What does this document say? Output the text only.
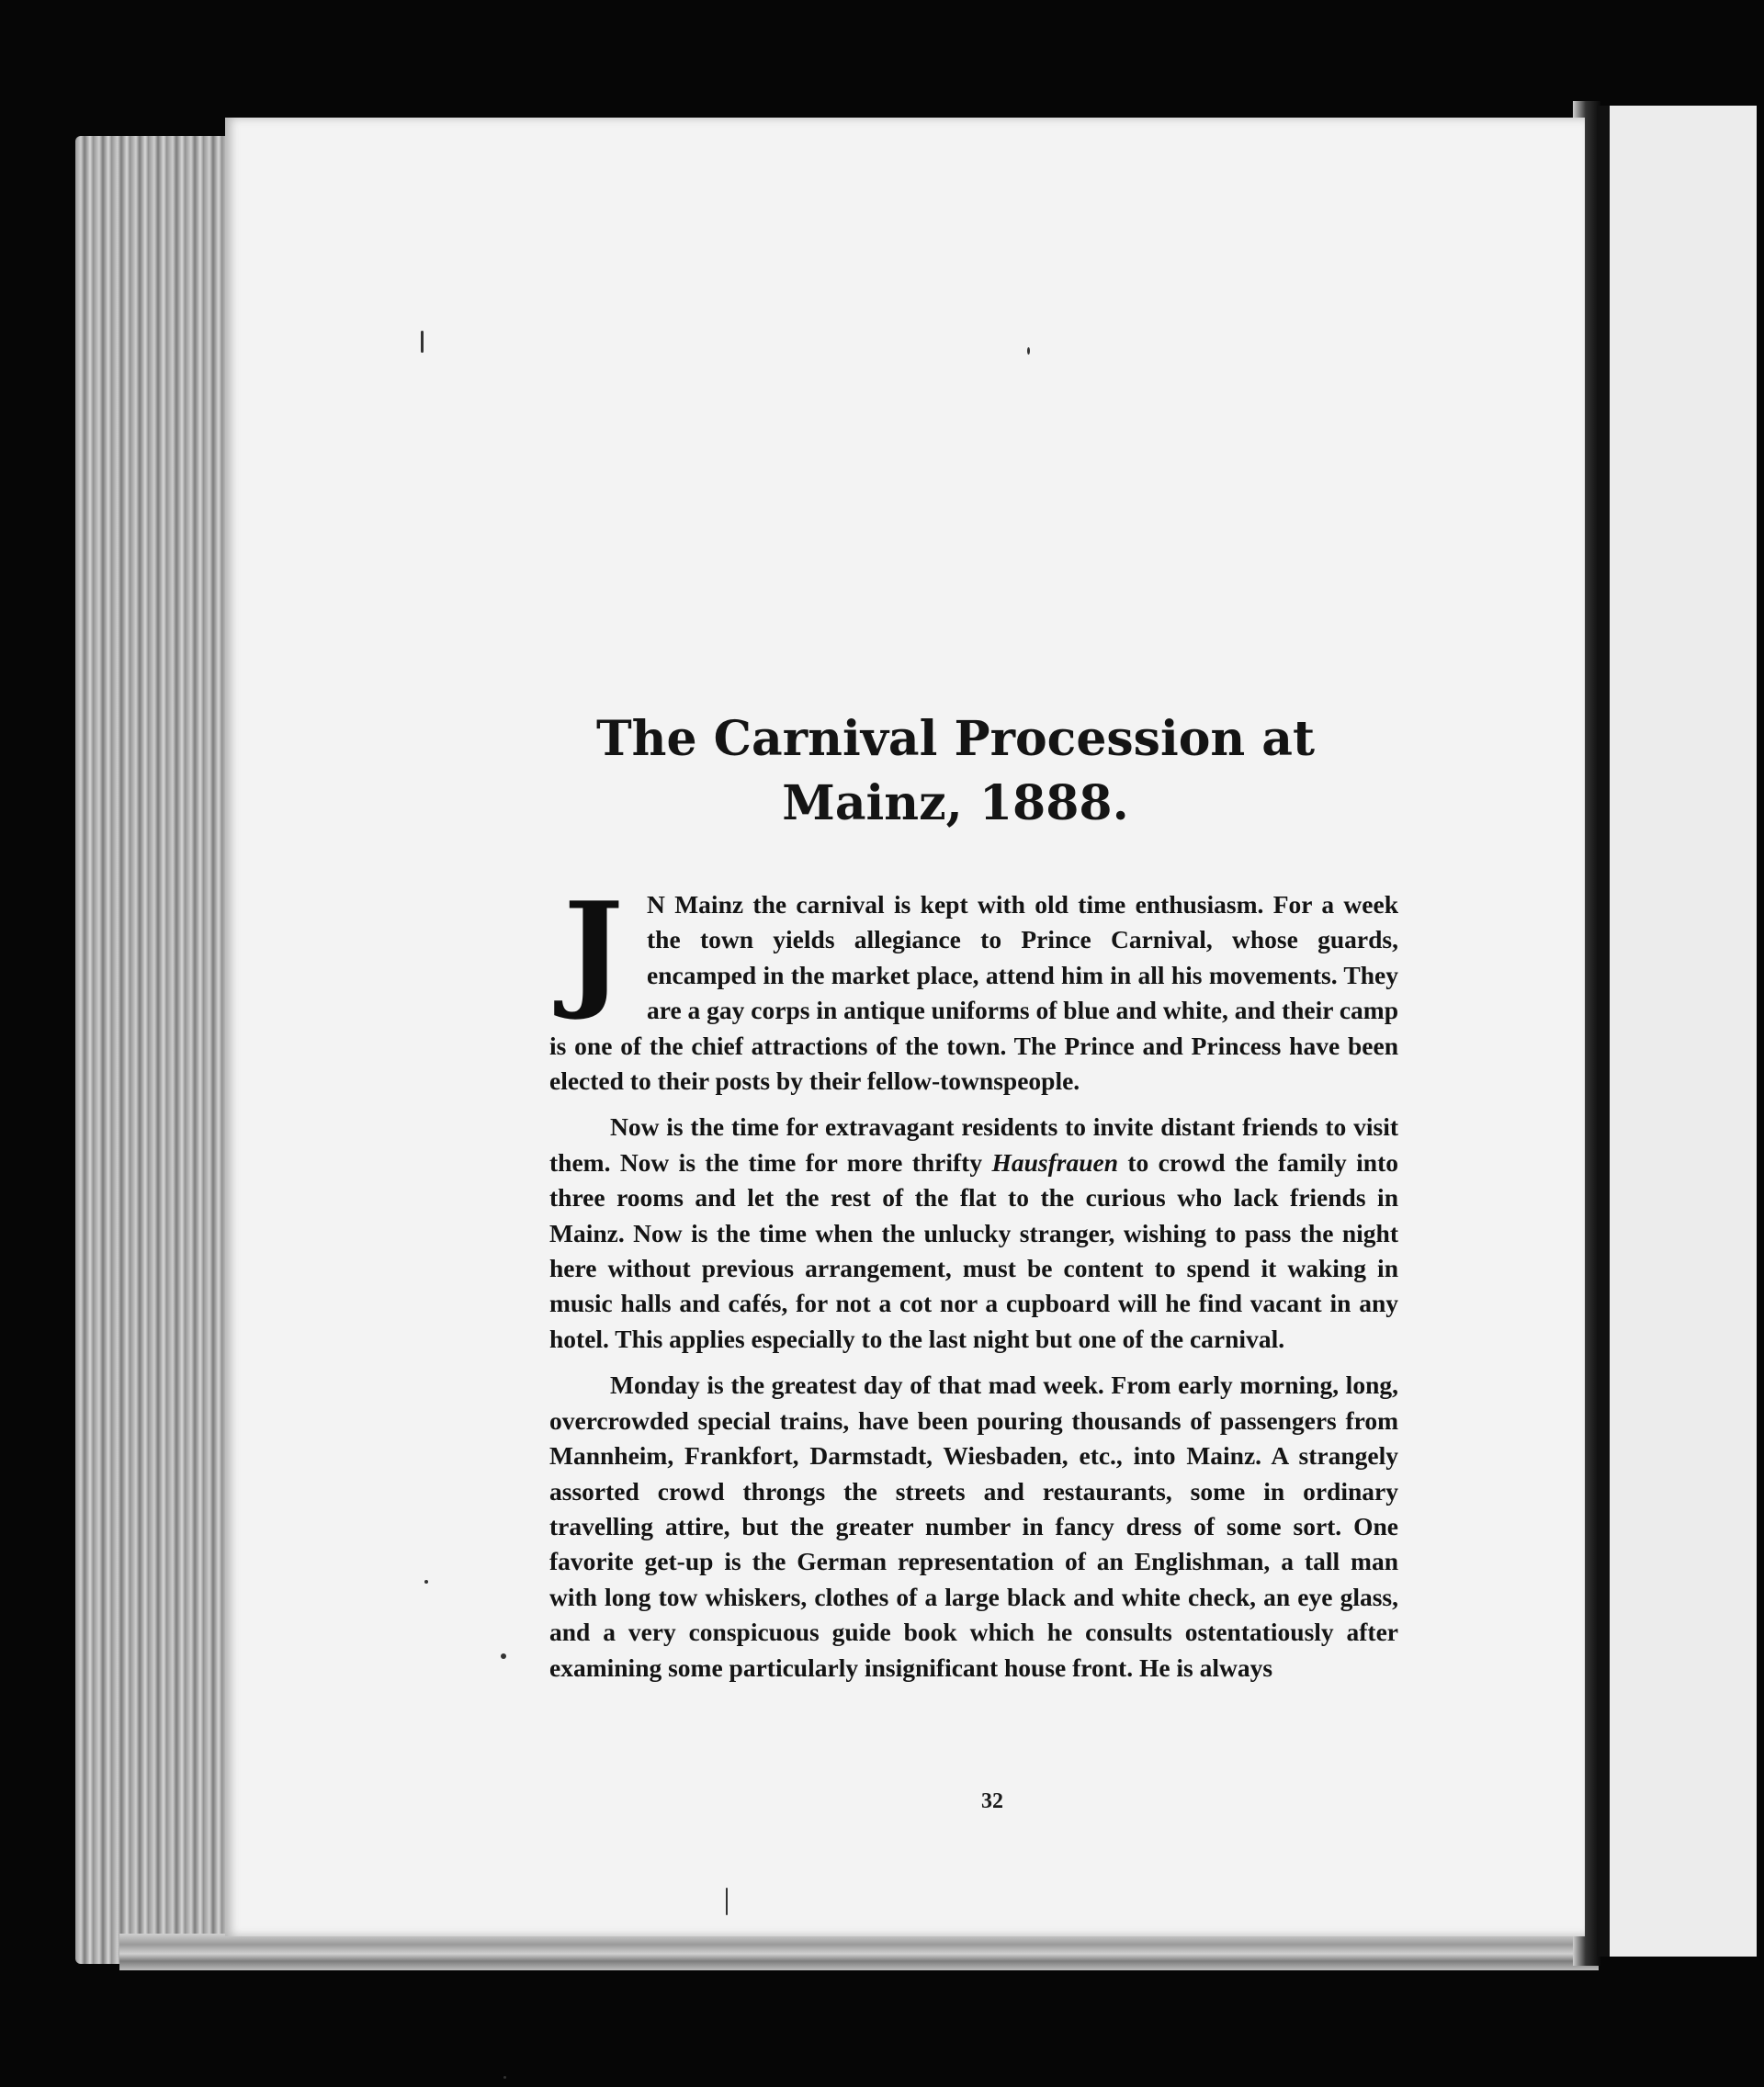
The Carnival Procession at Mainz, 1888.

J N Mainz the carnival is kept with old time enthusiasm. For a week the town yields allegiance to Prince Carnival, whose guards, encamped in the market place, attend him in all his movements. They are a gay corps in antique uniforms of blue and white, and their camp is one of the chief attractions of the town. The Prince and Princess have been elected to their posts by their fellow-townspeople.

Now is the time for extravagant residents to invite distant friends to visit them. Now is the time for more thrifty Hausfrauen to crowd the family into three rooms and let the rest of the flat to the curious who lack friends in Mainz. Now is the time when the unlucky stranger, wishing to pass the night here without previous arrangement, must be content to spend it waking in music halls and cafés, for not a cot nor a cupboard will he find vacant in any hotel. This applies especially to the last night but one of the carnival.

Monday is the greatest day of that mad week. From early morning, long, overcrowded special trains, have been pouring thousands of passengers from Mannheim, Frankfort, Darmstadt, Wiesbaden, etc., into Mainz. A strangely assorted crowd throngs the streets and restaurants, some in ordinary travelling attire, but the greater number in fancy dress of some sort. One favorite get-up is the German representation of an Englishman, a tall man with long tow whiskers, clothes of a large black and white check, an eye glass, and a very conspicuous guide book which he consults ostentatiously after examining some particularly insignificant house front. He is always

32
